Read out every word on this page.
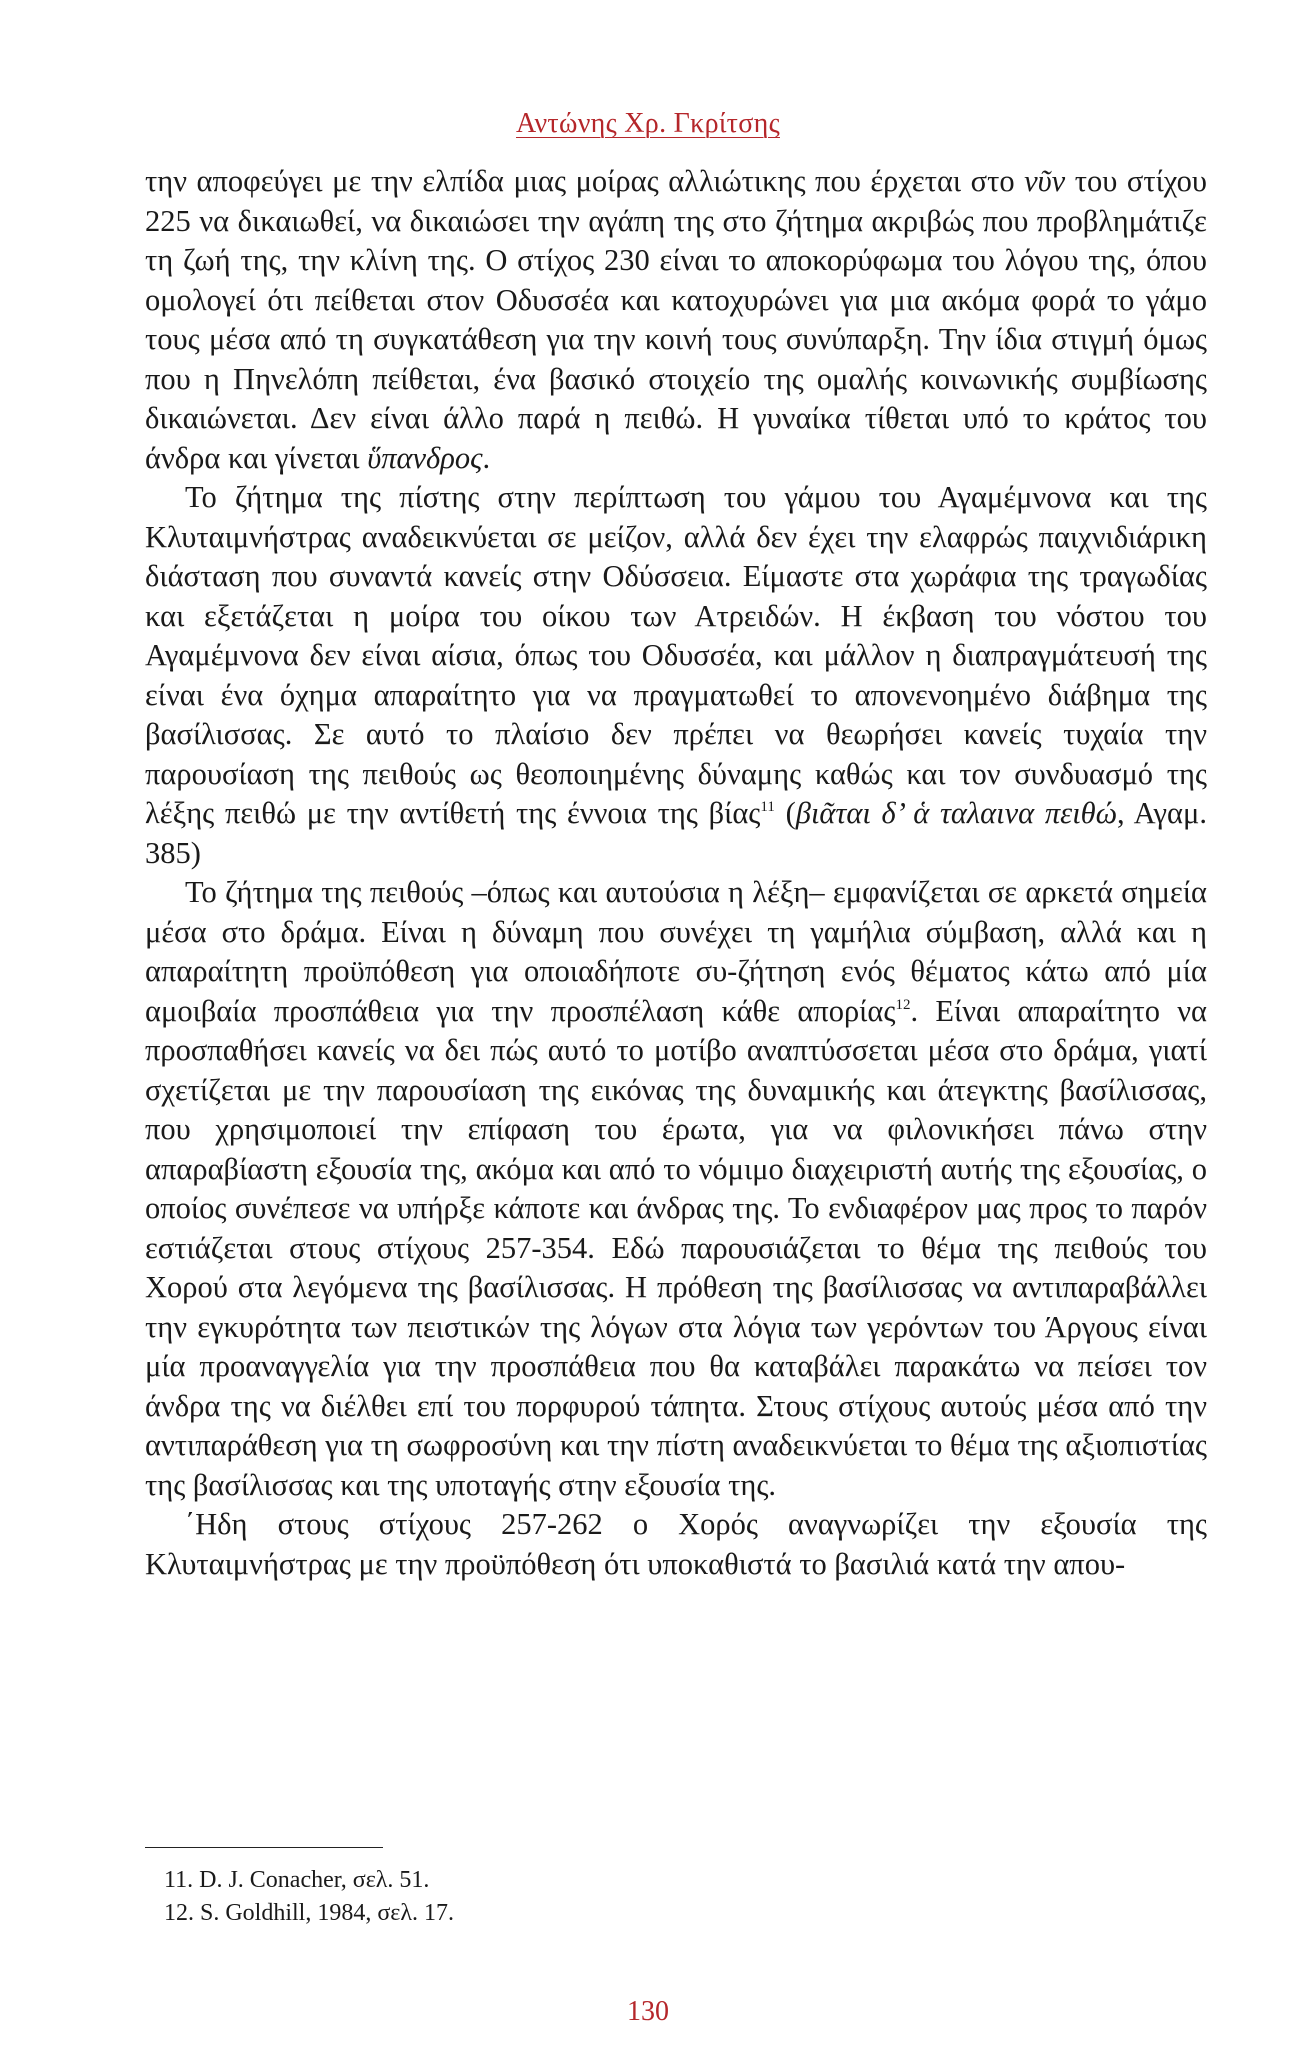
Αντώνης Χρ. Γκρίτσης

την αποφεύγει με την ελπίδα μιας μοίρας αλλιώτικης που έρχεται στο νῦν του στίχου 225 να δικαιωθεί, να δικαιώσει την αγάπη της στο ζήτημα ακριβώς που προβλημάτιζε τη ζωή της, την κλίνη της. Ο στίχος 230 είναι το αποκορύφωμα του λόγου της, όπου ομολογεί ότι πείθεται στον Οδυσσέα και κατοχυρώνει για μια ακόμα φορά το γάμο τους μέσα από τη συγκατάθεση για την κοινή τους συνύπαρξη. Την ίδια στιγμή όμως που η Πηνελόπη πείθεται, ένα βασικό στοιχείο της ομαλής κοινωνικής συμβίωσης δικαιώνεται. Δεν είναι άλλο παρά η πειθώ. Η γυναίκα τίθεται υπό το κράτος του άνδρα και γίνεται ὕπανδρος.

Το ζήτημα της πίστης στην περίπτωση του γάμου του Αγαμέμνονα και της Κλυταιμνήστρας αναδεικνύεται σε μείζον, αλλά δεν έχει την ελαφρώς παιχνιδιάρικη διάσταση που συναντά κανείς στην Οδύσσεια. Είμαστε στα χωράφια της τραγωδίας και εξετάζεται η μοίρα του οίκου των Ατρειδών. Η έκβαση του νόστου του Αγαμέμνονα δεν είναι αίσια, όπως του Οδυσσέα, και μάλλον η διαπραγμάτευσή της είναι ένα όχημα απαραίτητο για να πραγματωθεί το απονενοημένο διάβημα της βασίλισσας. Σε αυτό το πλαίσιο δεν πρέπει να θεωρήσει κανείς τυχαία την παρουσίαση της πειθούς ως θεοποιημένης δύναμης καθώς και τον συνδυασμό της λέξης πειθώ με την αντίθετή της έννοια της βίας$^{11}$ (βιᾶται δ’ ἁ ταλαινα πειθώ, Αγαμ. 385)

Το ζήτημα της πειθούς –όπως και αυτούσια η λέξη– εμφανίζεται σε αρκετά σημεία μέσα στο δράμα. Είναι η δύναμη που συνέχει τη γαμήλια σύμβαση, αλλά και η απαραίτητη προϋπόθεση για οποιαδήποτε συ-ζήτηση ενός θέματος κάτω από μία αμοιβαία προσπάθεια για την προσπέλαση κάθε απορίας$^{12}$. Είναι απαραίτητο να προσπαθήσει κανείς να δει πώς αυτό το μοτίβο αναπτύσσεται μέσα στο δράμα, γιατί σχετίζεται με την παρουσίαση της εικόνας της δυναμικής και άτεγκτης βασίλισσας, που χρησιμοποιεί την επίφαση του έρωτα, για να φιλονικήσει πάνω στην απαραβίαστη εξουσία της, ακόμα και από το νόμιμο διαχειριστή αυτής της εξουσίας, ο οποίος συνέπεσε να υπήρξε κάποτε και άνδρας της. Το ενδιαφέρον μας προς το παρόν εστιάζεται στους στίχους 257-354. Εδώ παρουσιάζεται το θέμα της πειθούς του Χορού στα λεγόμενα της βασίλισσας. Η πρόθεση της βασίλισσας να αντιπαραβάλλει την εγκυρότητα των πειστικών της λόγων στα λόγια των γερόντων του Άργους είναι μία προαναγγελία για την προσπάθεια που θα καταβάλει παρακάτω να πείσει τον άνδρα της να διέλθει επί του πορφυρού τάπητα. Στους στίχους αυτούς μέσα από την αντιπαράθεση για τη σωφροσύνη και την πίστη αναδεικνύεται το θέμα της αξιοπιστίας της βασίλισσας και της υποταγής στην εξουσία της.

΄Ηδη στους στίχους 257-262 ο Χορός αναγνωρίζει την εξουσία της Κλυταιμνήστρας με την προϋπόθεση ότι υποκαθιστά το βασιλιά κατά την απου-

11. D. J. Conacher, σελ. 51.
12. S. Goldhill, 1984, σελ. 17.
130
